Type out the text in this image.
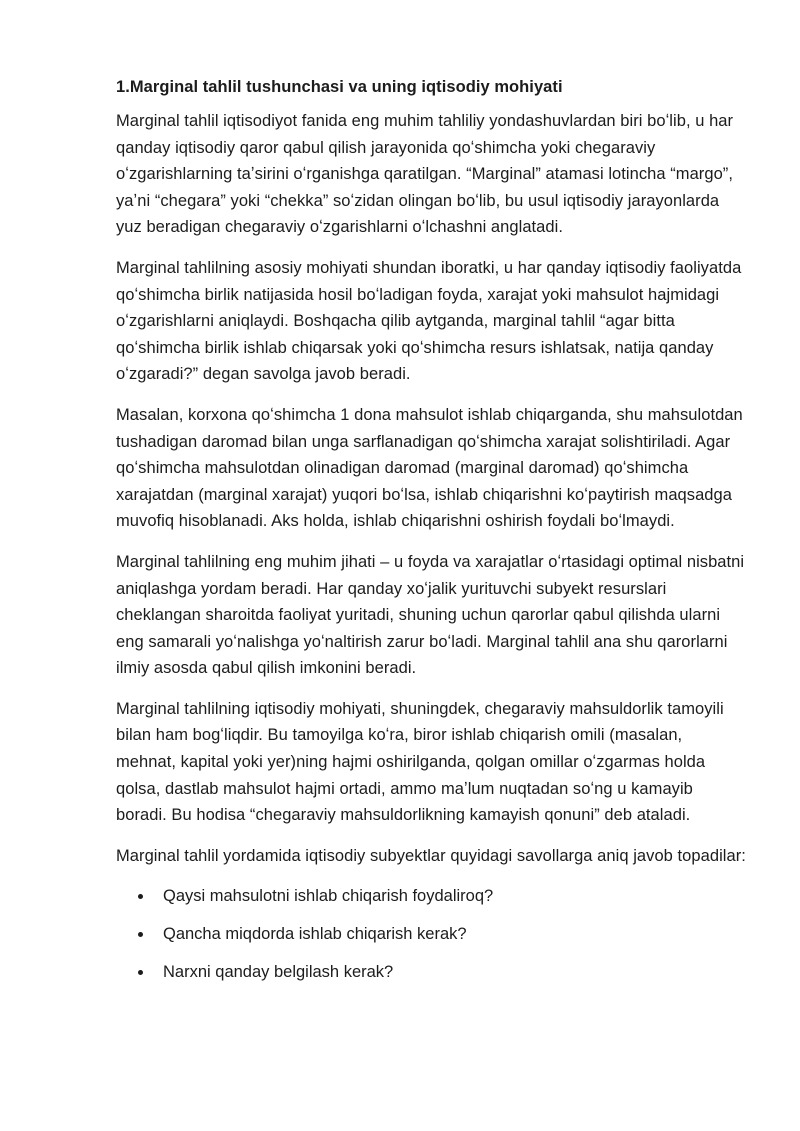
1.Marginal tahlil tushunchasi va uning iqtisodiy mohiyati

Marginal tahlil iqtisodiyot fanida eng muhim tahliliy yondashuvlardan biri boʻlib, u har qanday iqtisodiy qaror qabul qilish jarayonida qoʻshimcha yoki chegaraviy oʻzgarishlarning taʼsirini oʻrganishga qaratilgan. “Marginal” atamasi lotincha “margo”, yaʼni “chegara” yoki “chekka” soʻzidan olingan boʻlib, bu usul iqtisodiy jarayonlarda yuz beradigan chegaraviy oʻzgarishlarni oʻlchashni anglatadi.

Marginal tahlilning asosiy mohiyati shundan iboratki, u har qanday iqtisodiy faoliyatda qoʻshimcha birlik natijasida hosil boʻladigan foyda, xarajat yoki mahsulot hajmidagi oʻzgarishlarni aniqlaydi. Boshqacha qilib aytganda, marginal tahlil “agar bitta qoʻshimcha birlik ishlab chiqarsak yoki qoʻshimcha resurs ishlatsak, natija qanday oʻzgaradi?” degan savolga javob beradi.

Masalan, korxona qoʻshimcha 1 dona mahsulot ishlab chiqarganda, shu mahsulotdan tushadigan daromad bilan unga sarflanadigan qoʻshimcha xarajat solishtiriladi. Agar qoʻshimcha mahsulotdan olinadigan daromad (marginal daromad) qoʻshimcha xarajatdan (marginal xarajat) yuqori boʻlsa, ishlab chiqarishni koʻpaytirish maqsadga muvofiq hisoblanadi. Aks holda, ishlab chiqarishni oshirish foydali boʻlmaydi.

Marginal tahlilning eng muhim jihati – u foyda va xarajatlar oʻrtasidagi optimal nisbatni aniqlashga yordam beradi. Har qanday xoʻjalik yurituvchi subyekt resurslari cheklangan sharoitda faoliyat yuritadi, shuning uchun qarorlar qabul qilishda ularni eng samarali yoʻnalishga yoʻnaltirish zarur boʻladi. Marginal tahlil ana shu qarorlarni ilmiy asosda qabul qilish imkonini beradi.

Marginal tahlilning iqtisodiy mohiyati, shuningdek, chegaraviy mahsuldorlik tamoyili bilan ham bogʻliqdir. Bu tamoyilga koʻra, biror ishlab chiqarish omili (masalan, mehnat, kapital yoki yer)ning hajmi oshirilganda, qolgan omillar oʻzgarmas holda qolsa, dastlab mahsulot hajmi ortadi, ammo maʼlum nuqtadan soʻng u kamayib boradi. Bu hodisa “chegaraviy mahsuldorlikning kamayish qonuni” deb ataladi.

Marginal tahlil yordamida iqtisodiy subyektlar quyidagi savollarga aniq javob topadilar:

Qaysi mahsulotni ishlab chiqarish foydaliroq?
Qancha miqdorda ishlab chiqarish kerak?
Narxni qanday belgilash kerak?
